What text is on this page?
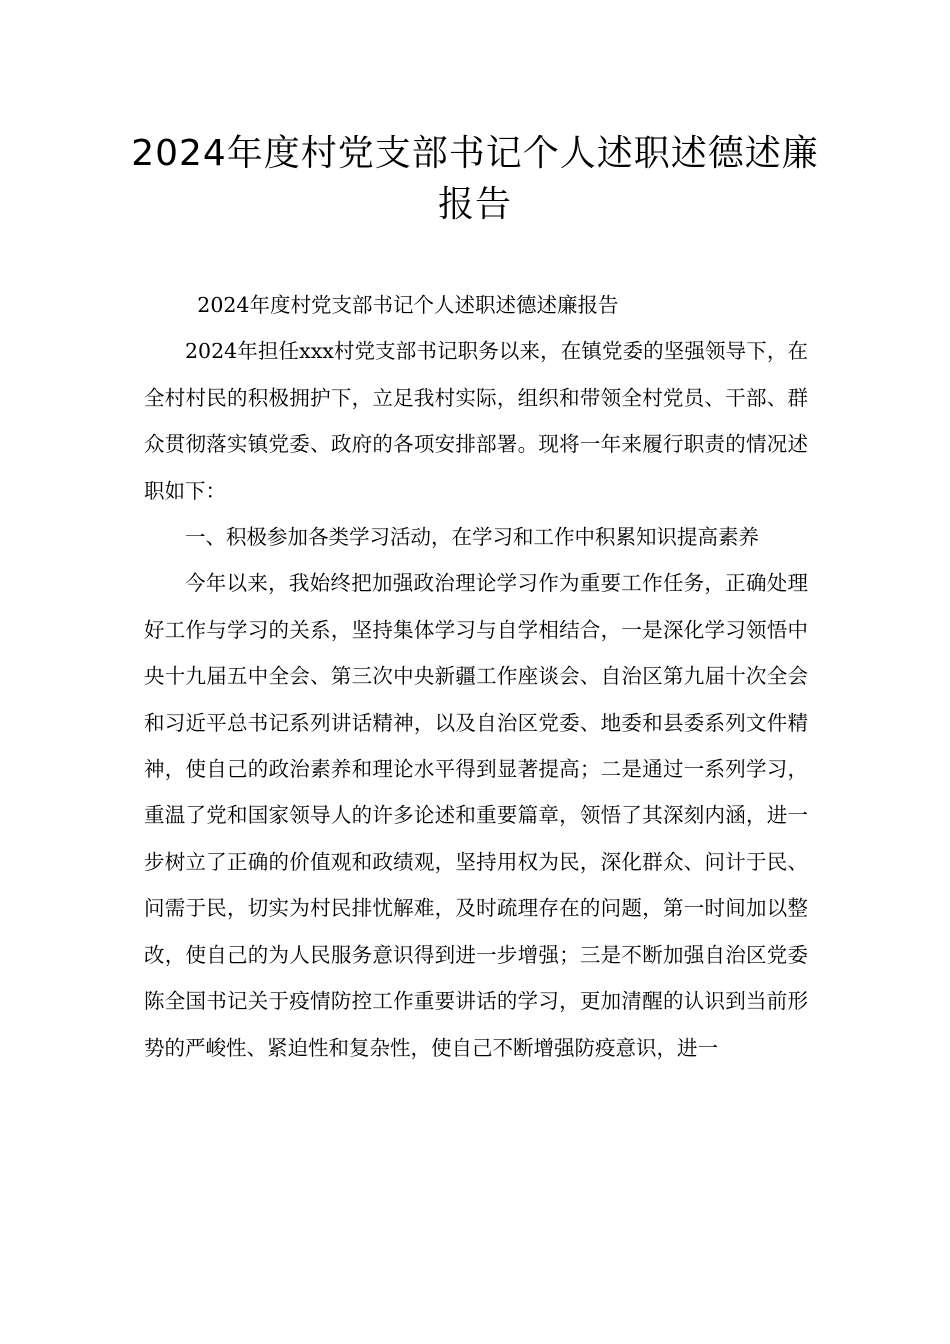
2024年度村党支部书记个人述职述德述廉报告

2024年度村党支部书记个人述职述德述廉报告

2024年担任xxx村党支部书记职务以来，在镇党委的坚强领导下，在全村村民的积极拥护下，立足我村实际，组织和带领全村党员、干部、群众贯彻落实镇党委、政府的各项安排部署。现将一年来履行职责的情况述职如下：

一、积极参加各类学习活动，在学习和工作中积累知识提高素养

今年以来，我始终把加强政治理论学习作为重要工作任务，正确处理好工作与学习的关系，坚持集体学习与自学相结合，一是深化学习领悟中央十九届五中全会、第三次中央新疆工作座谈会、自治区第九届十次全会和习近平总书记系列讲话精神，以及自治区党委、地委和县委系列文件精神，使自己的政治素养和理论水平得到显著提高；二是通过一系列学习，重温了党和国家领导人的许多论述和重要篇章，领悟了其深刻内涵，进一步树立了正确的价值观和政绩观，坚持用权为民，深化群众、问计于民、问需于民，切实为村民排忧解难，及时疏理存在的问题，第一时间加以整改，使自己的为人民服务意识得到进一步增强；三是不断加强自治区党委陈全国书记关于疫情防控工作重要讲话的学习，更加清醒的认识到当前形势的严峻性、紧迫性和复杂性，使自己不断增强防疫意识，进一
